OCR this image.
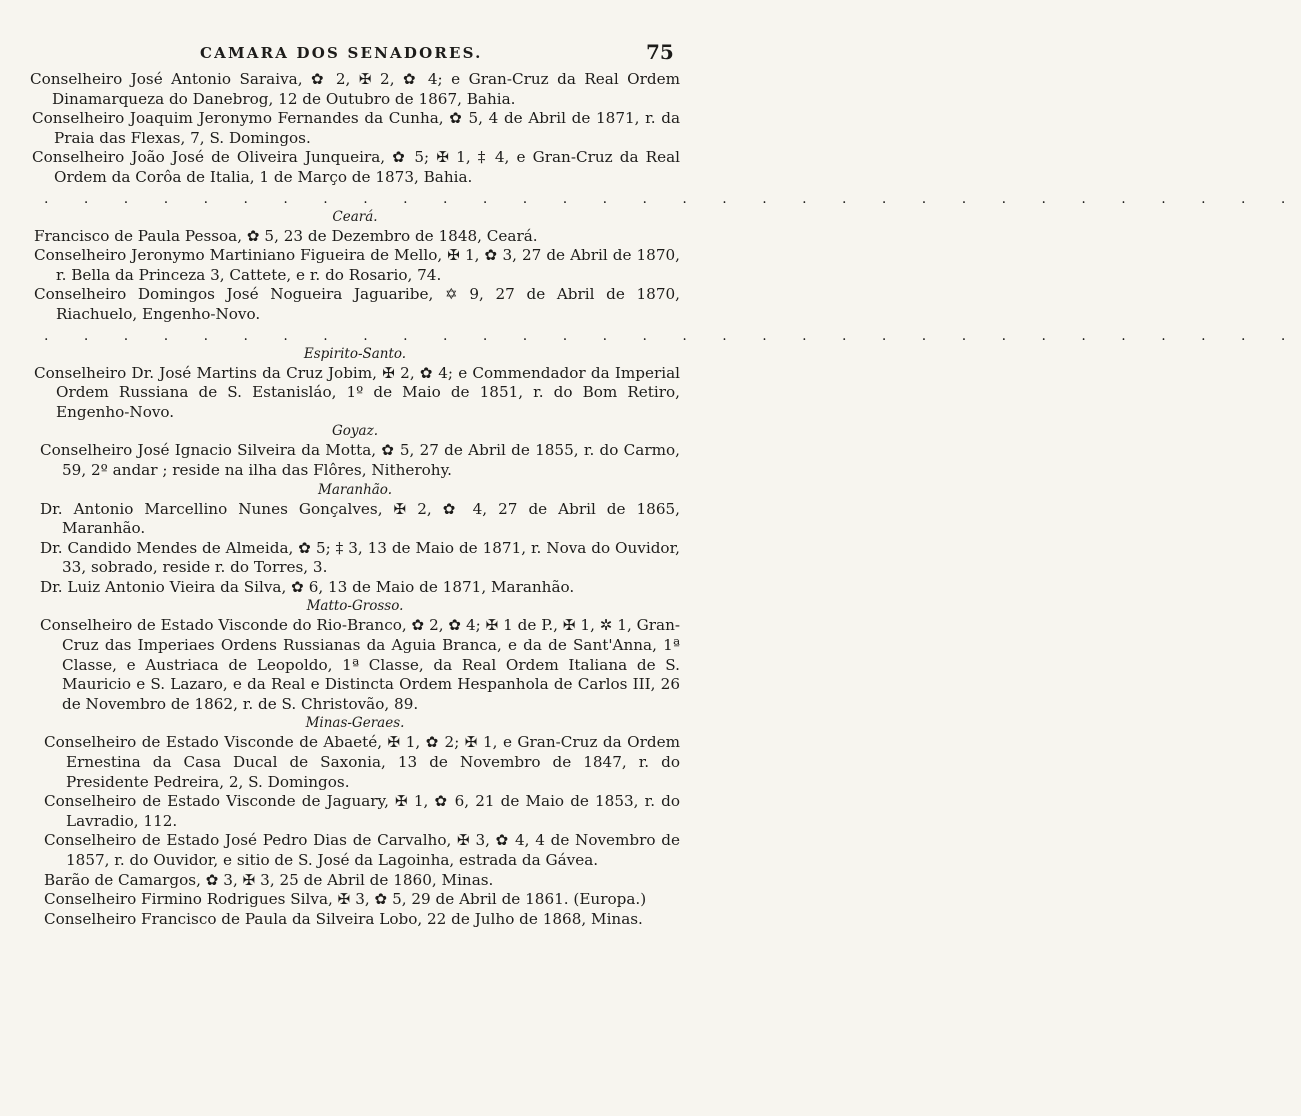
CAMARA DOS SENADORES.	75

Conselheiro José Antonio Saraiva, ✿ 2, ✠ 2, ✿ 4; e Gran-Cruz da Real Ordem Dinamarqueza do Danebrog, 12 de Outubro de 1867, Bahia.

Conselheiro Joaquim Jeronymo Fernandes da Cunha, ✿ 5, 4 de Abril de 1871, r. da Praia das Flexas, 7, S. Domingos.

Conselheiro João José de Oliveira Junqueira, ✿ 5; ✠ 1, ‡ 4, e Gran-Cruz da Real Ordem da Corôa de Italia, 1 de Março de 1873, Bahia.

. . . . . . . . . . . . . . . . . . . . . . . . . . . . . . . .

Ceará.

Francisco de Paula Pessoa, ✿ 5, 23 de Dezembro de 1848, Ceará.

Conselheiro Jeronymo Martiniano Figueira de Mello, ✠ 1, ✿ 3, 27 de Abril de 1870, r. Bella da Princeza 3, Cattete, e r. do Rosario, 74.

Conselheiro Domingos José Nogueira Jaguaribe, ✡ 9, 27 de Abril de 1870, Riachuelo, Engenho-Novo.

. . . . . . . . . . . . . . . . . . . . . . . . . . . . . . . .

Espirito-Santo.

Conselheiro Dr. José Martins da Cruz Jobim, ✠ 2, ✿ 4; e Commendador da Imperial Ordem Russiana de S. Estanisláo, 1º de Maio de 1851, r. do Bom Retiro, Engenho-Novo.

Goyaz.

Conselheiro José Ignacio Silveira da Motta, ✿ 5, 27 de Abril de 1855, r. do Carmo, 59, 2º andar ; reside na ilha das Flôres, Nitherohy.

Maranhão.

Dr. Antonio Marcellino Nunes Gonçalves, ✠ 2, ✿ 4, 27 de Abril de 1865, Maranhão.

Dr. Candido Mendes de Almeida, ✿ 5; ‡ 3, 13 de Maio de 1871, r. Nova do Ouvidor, 33, sobrado, reside r. do Torres, 3.

Dr. Luiz Antonio Vieira da Silva, ✿ 6, 13 de Maio de 1871, Maranhão.

Matto-Grosso.

Conselheiro de Estado Visconde do Rio-Branco, ✿ 2, ✿ 4; ✠ 1 de P., ✠ 1, ✲ 1, Gran-Cruz das Imperiaes Ordens Russianas da Aguia Branca, e da de Sant'Anna, 1ª Classe, e Austriaca de Leopoldo, 1ª Classe, da Real Ordem Italiana de S. Mauricio e S. Lazaro, e da Real e Distincta Ordem Hespanhola de Carlos III, 26 de Novembro de 1862, r. de S. Christovão, 89.

Minas-Geraes.

Conselheiro de Estado Visconde de Abaeté, ✠ 1, ✿ 2; ✠ 1, e Gran-Cruz da Ordem Ernestina da Casa Ducal de Saxonia, 13 de Novembro de 1847, r. do Presidente Pedreira, 2, S. Domingos.

Conselheiro de Estado Visconde de Jaguary, ✠ 1, ✿ 6, 21 de Maio de 1853, r. do Lavradio, 112.

Conselheiro de Estado José Pedro Dias de Carvalho, ✠ 3, ✿ 4, 4 de Novembro de 1857, r. do Ouvidor, e sitio de S. José da Lagoinha, estrada da Gávea.

Barão de Camargos, ✿ 3, ✠ 3, 25 de Abril de 1860, Minas.

Conselheiro Firmino Rodrigues Silva, ✠ 3, ✿ 5, 29 de Abril de 1861. (Europa.)

Conselheiro Francisco de Paula da Silveira Lobo, 22 de Julho de 1868, Minas.
